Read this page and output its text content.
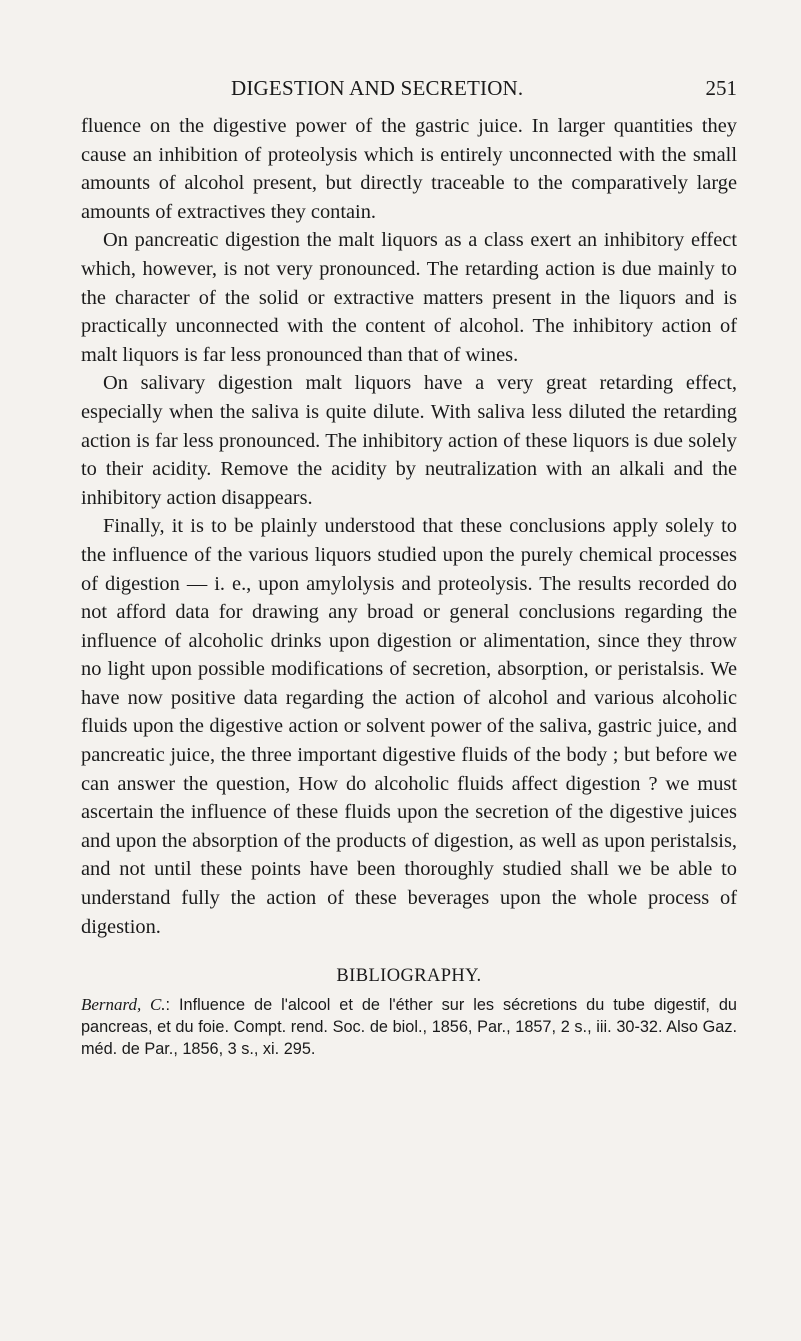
DIGESTION AND SECRETION.	251

fluence on the digestive power of the gastric juice. In larger quantities they cause an inhibition of proteolysis which is entirely unconnected with the small amounts of alcohol present, but directly traceable to the comparatively large amounts of extractives they contain.

On pancreatic digestion the malt liquors as a class exert an inhibitory effect which, however, is not very pronounced. The retarding action is due mainly to the character of the solid or extractive matters present in the liquors and is practically unconnected with the content of alcohol. The inhibitory action of malt liquors is far less pronounced than that of wines.

On salivary digestion malt liquors have a very great retarding effect, especially when the saliva is quite dilute. With saliva less diluted the retarding action is far less pronounced. The inhibitory action of these liquors is due solely to their acidity. Remove the acidity by neutralization with an alkali and the inhibitory action disappears.

Finally, it is to be plainly understood that these conclusions apply solely to the influence of the various liquors studied upon the purely chemical processes of digestion — i. e., upon amylolysis and proteolysis. The results recorded do not afford data for drawing any broad or general conclusions regarding the influence of alcoholic drinks upon digestion or alimentation, since they throw no light upon possible modifications of secretion, absorption, or peristalsis. We have now positive data regarding the action of alcohol and various alcoholic fluids upon the digestive action or solvent power of the saliva, gastric juice, and pancreatic juice, the three important digestive fluids of the body ; but before we can answer the question, How do alcoholic fluids affect digestion ? we must ascertain the influence of these fluids upon the secretion of the digestive juices and upon the absorption of the products of digestion, as well as upon peristalsis, and not until these points have been thoroughly studied shall we be able to understand fully the action of these beverages upon the whole process of digestion.

BIBLIOGRAPHY.
Bernard, C.: Influence de l'alcool et de l'éther sur les sécretions du tube digestif, du pancreas, et du foie. Compt. rend. Soc. de biol., 1856, Par., 1857, 2 s., iii. 30-32. Also Gaz. méd. de Par., 1856, 3 s., xi. 295.
